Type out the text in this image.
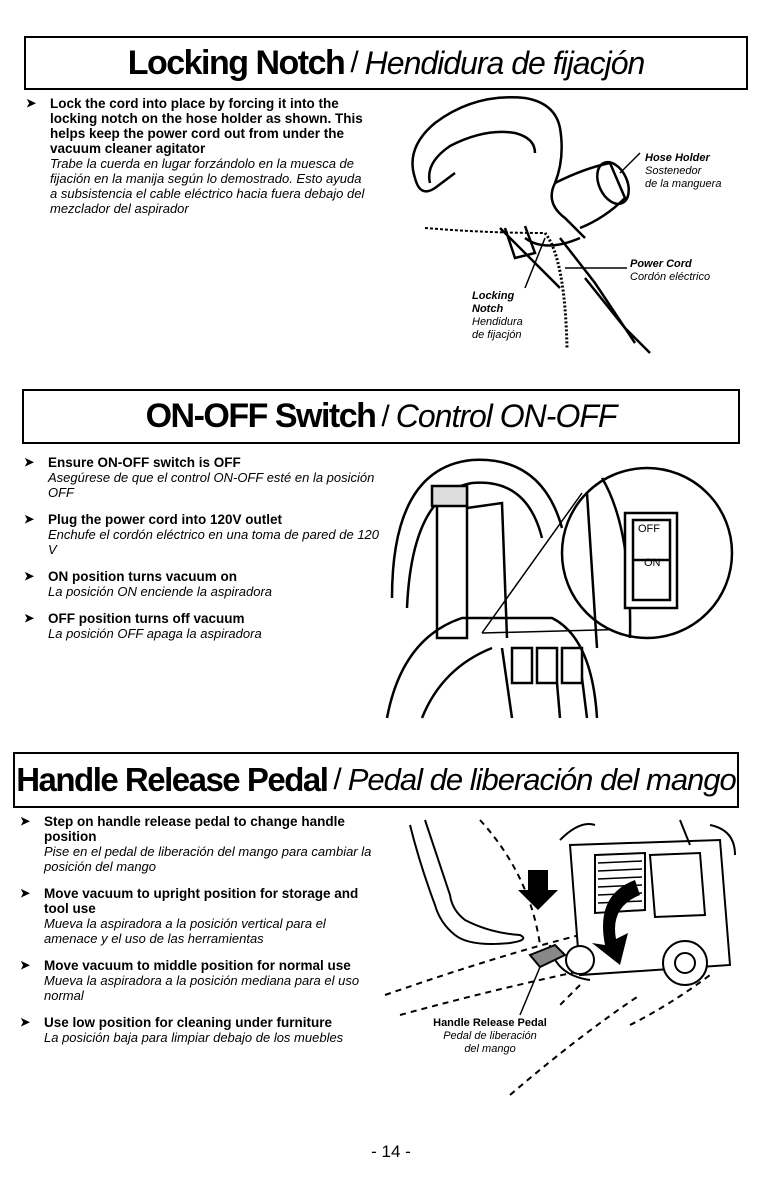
Locking Notch / Hendidura de fijacjón
➤ Lock the cord into place by forcing it into the locking notch on the hose holder as shown. This helps keep the power cord out from under the vacuum cleaner agitator
Trabe la cuerda en lugar forzándolo en la muesca de fijación en la manija según lo demostrado. Esto ayuda a subsistencia el cable eléctrico hacia fuera debajo del mezclador del aspirador
Hose Holder
Sostenedor
de la manguera
Power Cord
Cordón eléctrico
Locking
Notch
Hendidura
de fijacjón
ON-OFF Switch / Control ON-OFF
➤ Ensure ON-OFF switch is OFF
Asegúrese de que el control ON-OFF esté en la posición OFF
➤ Plug the power cord into 120V outlet
Enchufe el cordón eléctrico en una toma de pared de 120 V
➤ ON position turns vacuum on
La posición ON enciende la aspiradora
➤ OFF position turns off vacuum
La posición OFF apaga la aspiradora
OFF
ON
Handle Release Pedal / Pedal de liberación del mango
➤ Step on handle release pedal to change handle position
Pise en el pedal de liberación del mango para cambiar la posición del mango
➤ Move vacuum to upright position for storage and tool use
Mueva la aspiradora a la posición vertical para el amenace y el uso de las herramientas
➤ Move vacuum to middle position for normal use
Mueva la aspiradora a la posición mediana para el uso normal
➤ Use low position for cleaning under furniture
La posición baja para limpiar debajo de los muebles
Handle Release Pedal
Pedal de liberación
del mango
- 14 -
